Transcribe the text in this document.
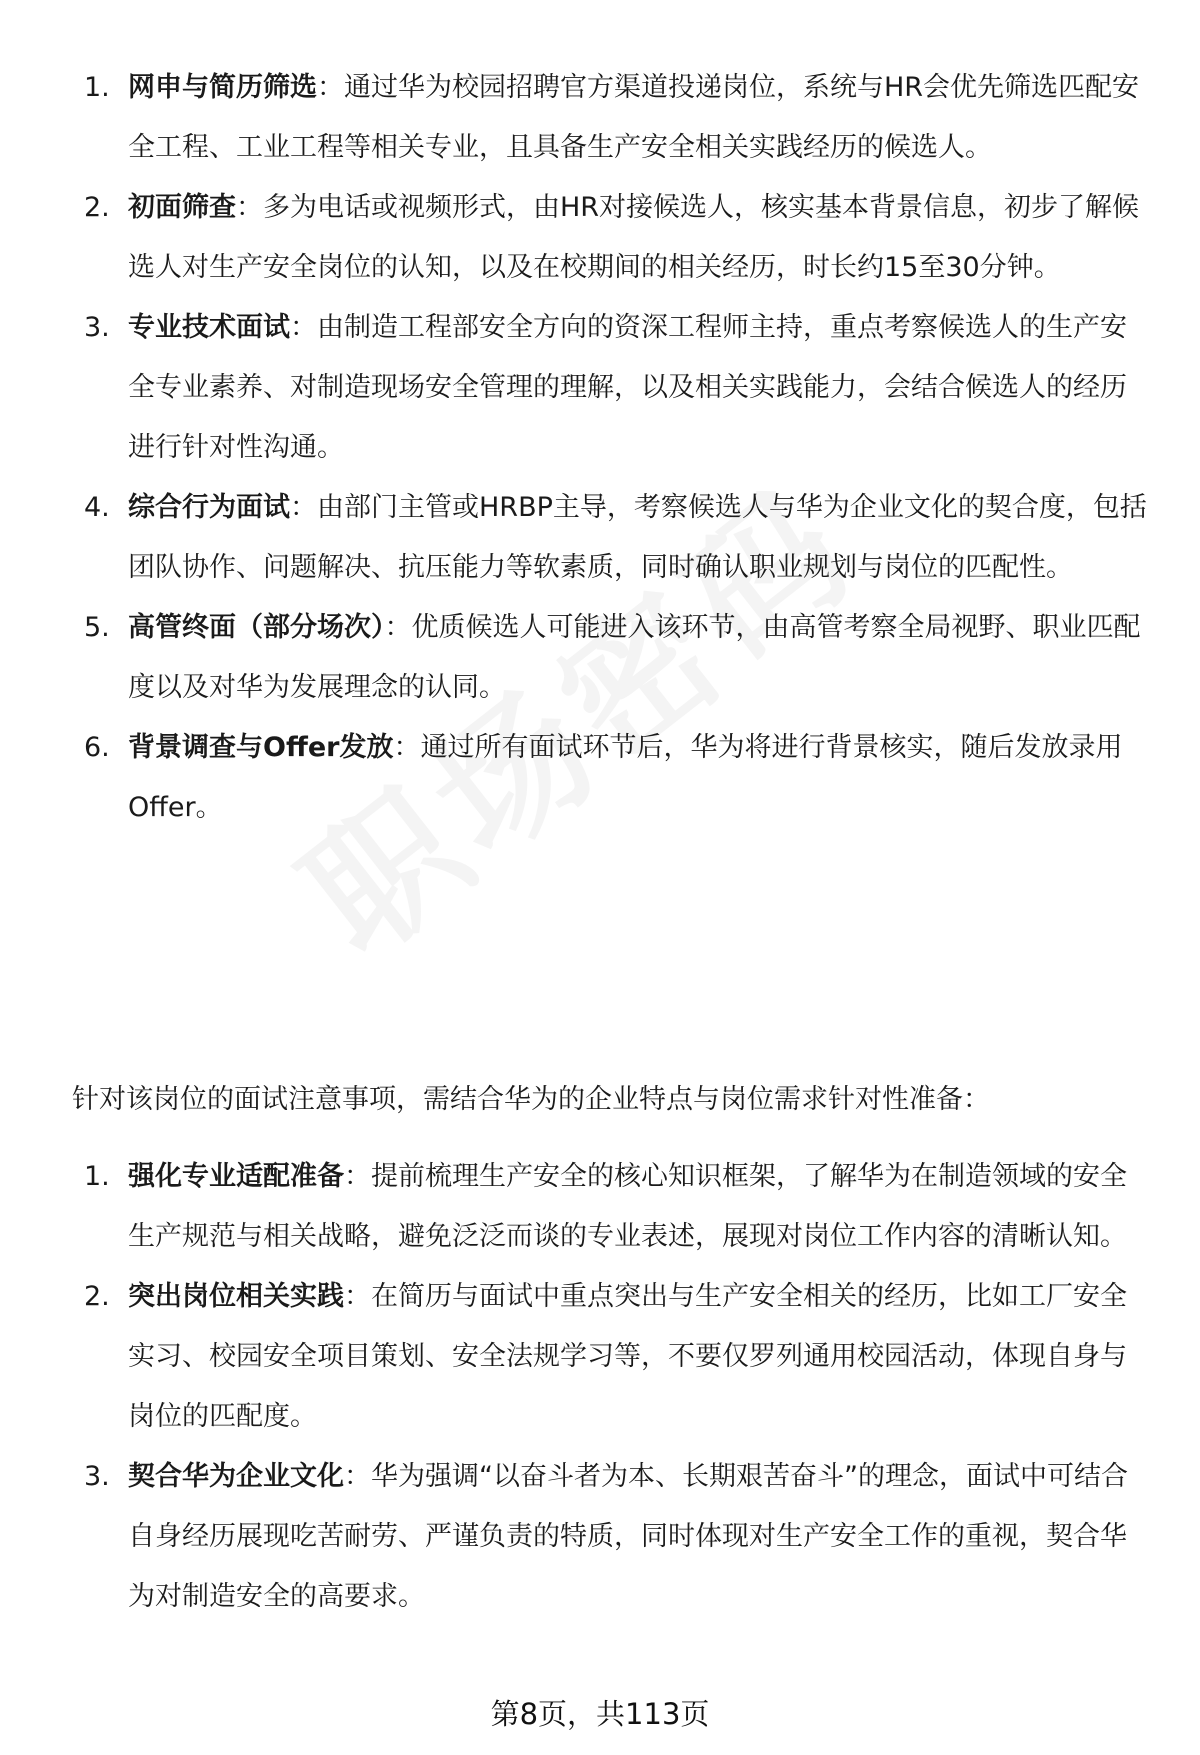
1. 网申与简历筛选：通过华为校园招聘官方渠道投递岗位，系统与HR会优先筛选匹配安全工程、工业工程等相关专业，且具备生产安全相关实践经历的候选人。
2. 初面筛查：多为电话或视频形式，由HR对接候选人，核实基本背景信息，初步了解候选人对生产安全岗位的认知，以及在校期间的相关经历，时长约15至30分钟。
3. 专业技术面试：由制造工程部安全方向的资深工程师主持，重点考察候选人的生产安全专业素养、对制造现场安全管理的理解，以及相关实践能力，会结合候选人的经历进行针对性沟通。
4. 综合行为面试：由部门主管或HRBP主导，考察候选人与华为企业文化的契合度，包括团队协作、问题解决、抗压能力等软素质，同时确认职业规划与岗位的匹配性。
5. 高管终面（部分场次）：优质候选人可能进入该环节，由高管考察全局视野、职业匹配度以及对华为发展理念的认同。
6. 背景调查与Offer发放：通过所有面试环节后，华为将进行背景核实，随后发放录用Offer。

针对该岗位的面试注意事项，需结合华为的企业特点与岗位需求针对性准备：

1. 强化专业适配准备：提前梳理生产安全的核心知识框架，了解华为在制造领域的安全生产规范与相关战略，避免泛泛而谈的专业表述，展现对岗位工作内容的清晰认知。
2. 突出岗位相关实践：在简历与面试中重点突出与生产安全相关的经历，比如工厂安全实习、校园安全项目策划、安全法规学习等，不要仅罗列通用校园活动，体现自身与岗位的匹配度。
3. 契合华为企业文化：华为强调“以奋斗者为本、长期艰苦奋斗”的理念，面试中可结合自身经历展现吃苦耐劳、严谨负责的特质，同时体现对生产安全工作的重视，契合华为对制造安全的高要求。
第8页，共113页
